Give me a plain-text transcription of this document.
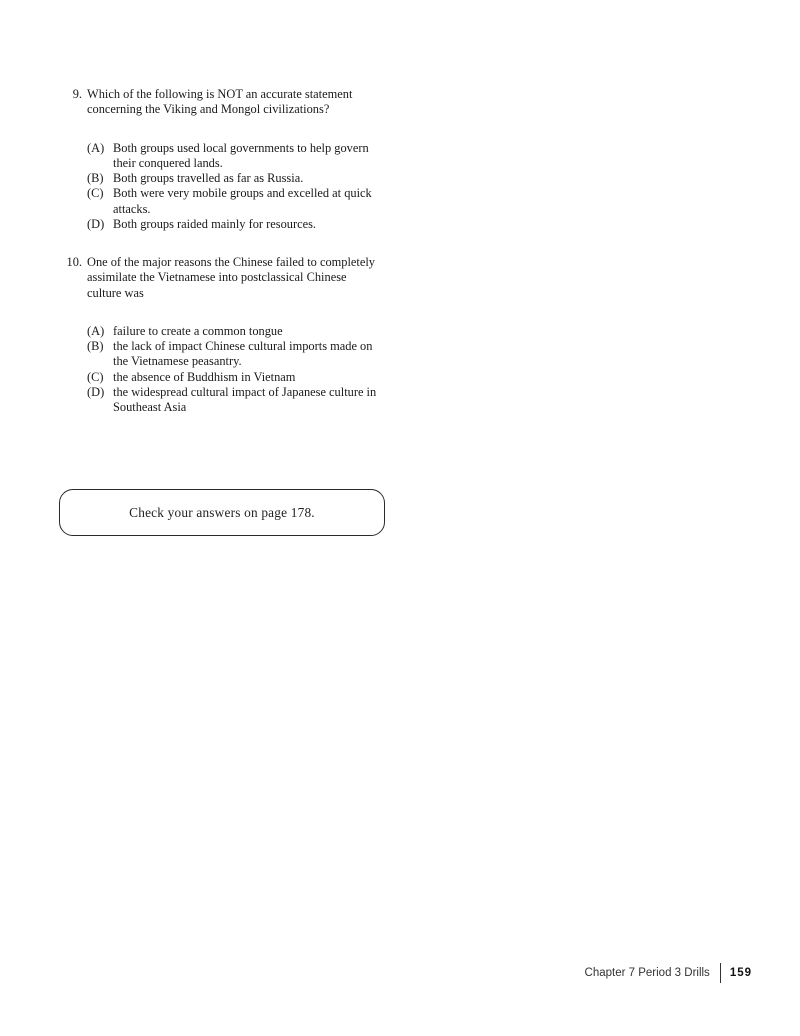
9. Which of the following is NOT an accurate statement
concerning the Viking and Mongol civilizations?
(A) Both groups used local governments to help govern
their conquered lands.
(B) Both groups travelled as far as Russia.
(C) Both were very mobile groups and excelled at quick
attacks.
(D) Both groups raided mainly for resources.
10. One of the major reasons the Chinese failed to completely
assimilate the Vietnamese into postclassical Chinese
culture was
(A) failure to create a common tongue
(B) the lack of impact Chinese cultural imports made on
the Vietnamese peasantry.
(C) the absence of Buddhism in Vietnam
(D) the widespread cultural impact of Japanese culture in
Southeast Asia
Check your answers on page 178.
Chapter 7 Period 3 Drills 159
